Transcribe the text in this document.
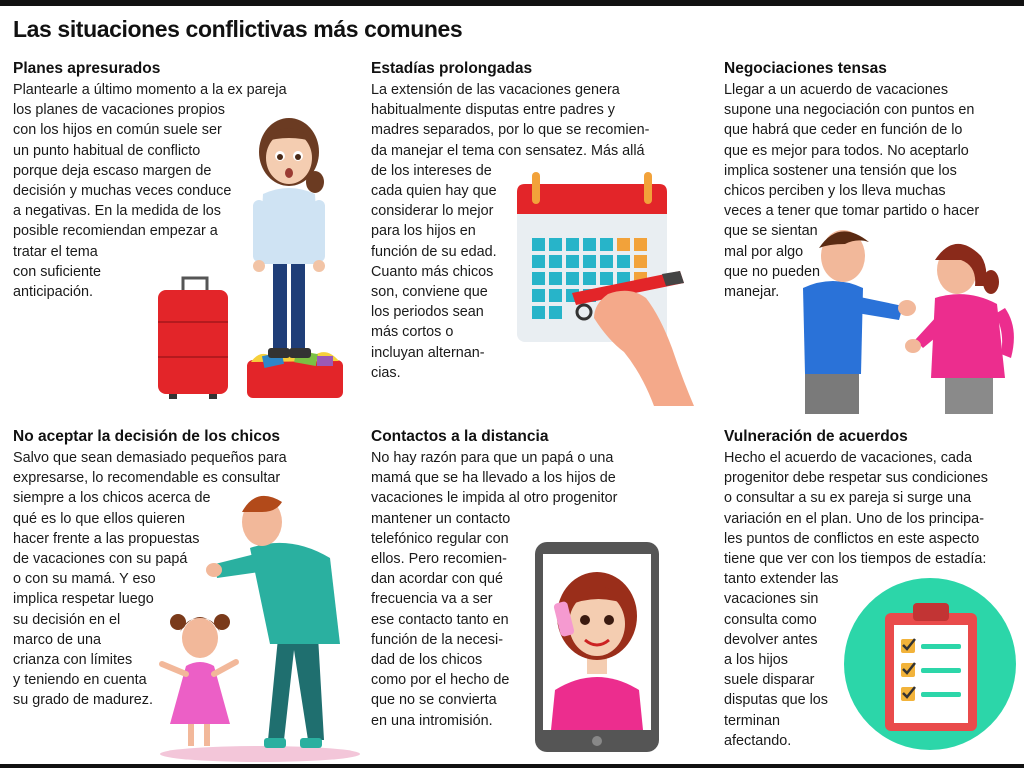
Las situaciones conflictivas más comunes
Planes apresurados
Plantearle a último momento a la ex pareja
los planes de vacaciones propios
con los hijos en común suele ser
un punto habitual de conflicto
porque deja escaso margen de
decisión y muchas veces conduce
a negativas. En la medida de los
posible recomiendan empezar a
tratar el tema
con suficiente
anticipación.
Estadías prolongadas
La extensión de las vacaciones genera
habitualmente disputas entre padres y
madres separados, por lo que se recomien-
da manejar el tema con sensatez. Más allá
de los intereses de
cada quien hay que
considerar lo mejor
para los hijos en
función de su edad.
Cuanto más chicos
son, conviene que
los periodos sean
más cortos o
incluyan alternan-
cias.
Negociaciones tensas
Llegar a un acuerdo de vacaciones
supone una negociación con puntos en
que habrá que ceder en función de lo
que es mejor para todos. No aceptarlo
implica sostener una tensión que los
chicos perciben y los lleva muchas
veces a tener que tomar partido o hacer
que se sientan
mal por algo
que no pueden
manejar.
No aceptar la decisión de los chicos
Salvo que sean demasiado pequeños para
expresarse, lo recomendable es consultar
siempre a los chicos acerca de
qué es lo que ellos quieren
hacer frente a las propuestas
de vacaciones con su papá
o con su mamá. Y eso
implica respetar luego
su decisión en el
marco de una
crianza con límites
y teniendo en cuenta
su grado de madurez.
Contactos a la distancia
No hay razón para que un papá o una
mamá que se ha llevado a los hijos de
vacaciones le impida al otro progenitor
mantener un contacto
telefónico regular con
ellos. Pero recomien-
dan acordar con qué
frecuencia va a ser
ese contacto tanto en
función de la necesi-
dad de los chicos
como por el hecho de
que no se convierta
en una intromisión.
Vulneración de acuerdos
Hecho el acuerdo de vacaciones, cada
progenitor debe respetar sus condiciones
o consultar a su ex pareja si surge una
variación en el plan. Uno de los principa-
les puntos de conflictos en este aspecto
tiene que ver con los tiempos de estadía:
tanto extender las
vacaciones sin
consulta como
devolver antes
a los hijos
suele disparar
disputas que los
terminan
afectando.
